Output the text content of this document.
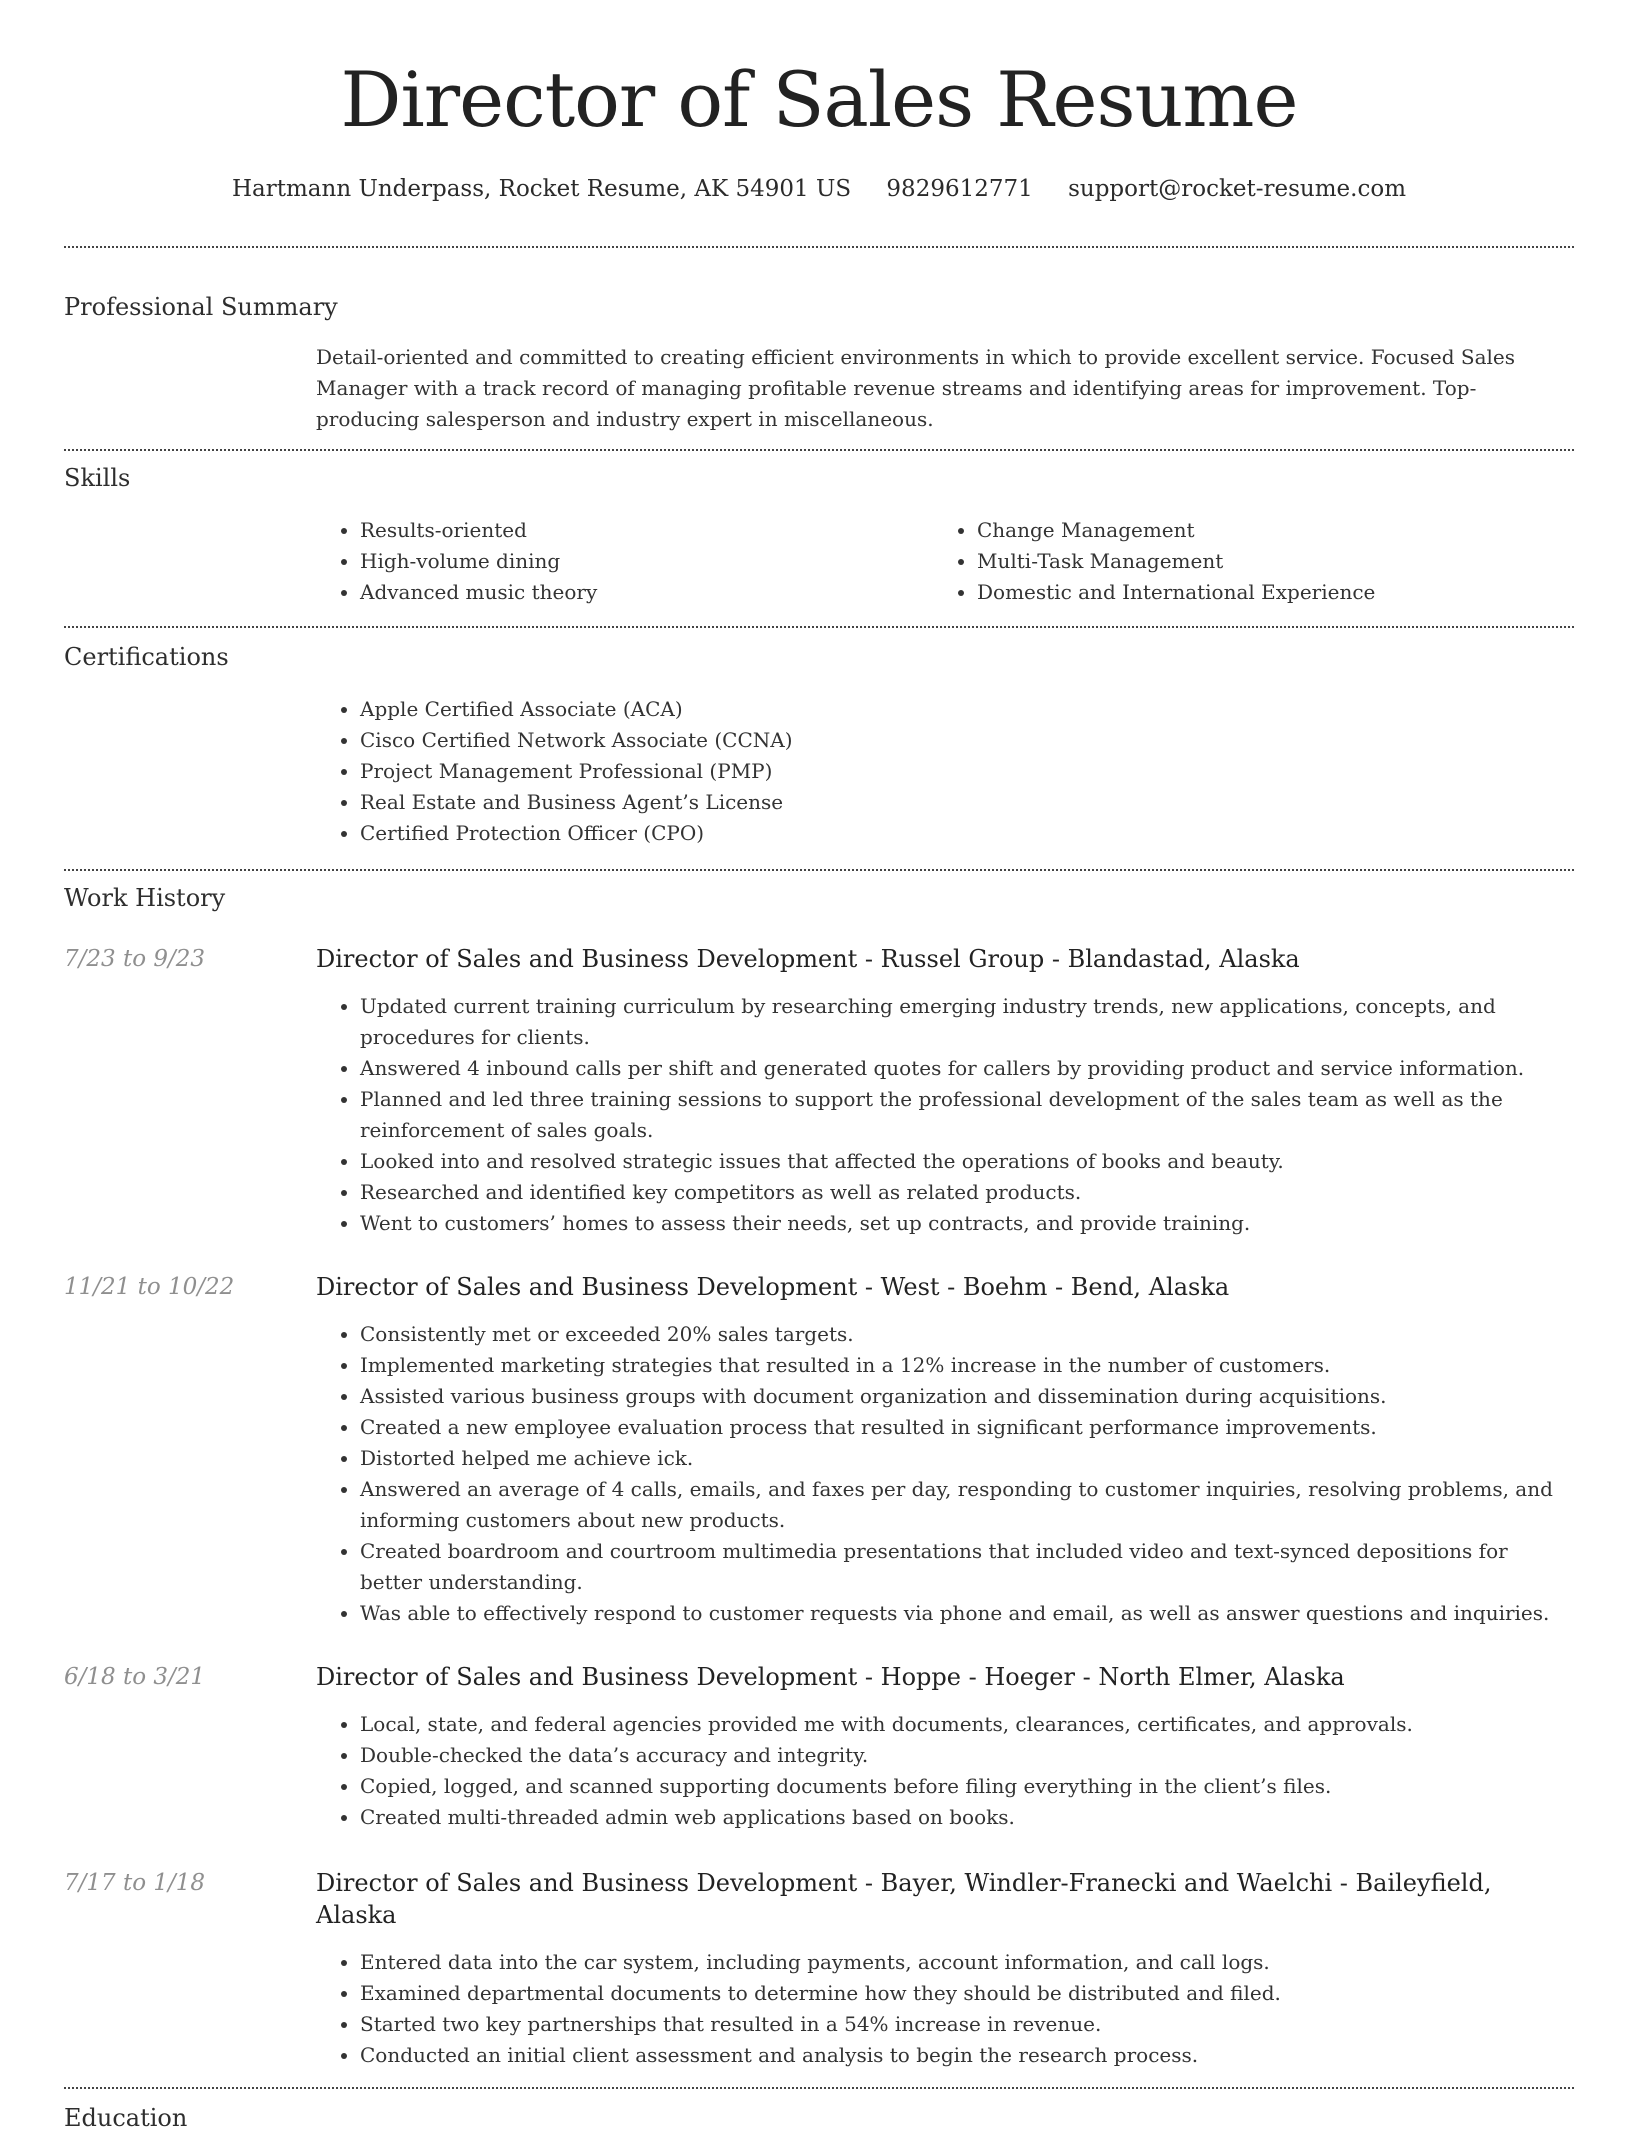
Director of Sales Resume
Hartmann Underpass, Rocket Resume, AK 54901 US 9829612771 support@rocket-resume.com
Professional Summary
Detail-oriented and committed to creating efficient environments in which to provide excellent service. Focused Sales Manager with a track record of managing profitable revenue streams and identifying areas for improvement. Top-producing salesperson and industry expert in miscellaneous.
Skills
• Results-oriented
• High-volume dining
• Advanced music theory
• Change Management
• Multi-Task Management
• Domestic and International Experience
Certifications
• Apple Certified Associate (ACA)
• Cisco Certified Network Associate (CCNA)
• Project Management Professional (PMP)
• Real Estate and Business Agent’s License
• Certified Protection Officer (CPO)
Work History
7/23 to 9/23	Director of Sales and Business Development - Russel Group - Blandastad, Alaska
• Updated current training curriculum by researching emerging industry trends, new applications, concepts, and procedures for clients.
• Answered 4 inbound calls per shift and generated quotes for callers by providing product and service information.
• Planned and led three training sessions to support the professional development of the sales team as well as the reinforcement of sales goals.
• Looked into and resolved strategic issues that affected the operations of books and beauty.
• Researched and identified key competitors as well as related products.
• Went to customers’ homes to assess their needs, set up contracts, and provide training.
11/21 to 10/22	Director of Sales and Business Development - West - Boehm - Bend, Alaska
• Consistently met or exceeded 20% sales targets.
• Implemented marketing strategies that resulted in a 12% increase in the number of customers.
• Assisted various business groups with document organization and dissemination during acquisitions.
• Created a new employee evaluation process that resulted in significant performance improvements.
• Distorted helped me achieve ick.
• Answered an average of 4 calls, emails, and faxes per day, responding to customer inquiries, resolving problems, and informing customers about new products.
• Created boardroom and courtroom multimedia presentations that included video and text-synced depositions for better understanding.
• Was able to effectively respond to customer requests via phone and email, as well as answer questions and inquiries.
6/18 to 3/21	Director of Sales and Business Development - Hoppe - Hoeger - North Elmer, Alaska
• Local, state, and federal agencies provided me with documents, clearances, certificates, and approvals.
• Double-checked the data’s accuracy and integrity.
• Copied, logged, and scanned supporting documents before filing everything in the client’s files.
• Created multi-threaded admin web applications based on books.
7/17 to 1/18	Director of Sales and Business Development - Bayer, Windler-Franecki and Waelchi - Baileyfield, Alaska
• Entered data into the car system, including payments, account information, and call logs.
• Examined departmental documents to determine how they should be distributed and filed.
• Started two key partnerships that resulted in a 54% increase in revenue.
• Conducted an initial client assessment and analysis to begin the research process.
Education
